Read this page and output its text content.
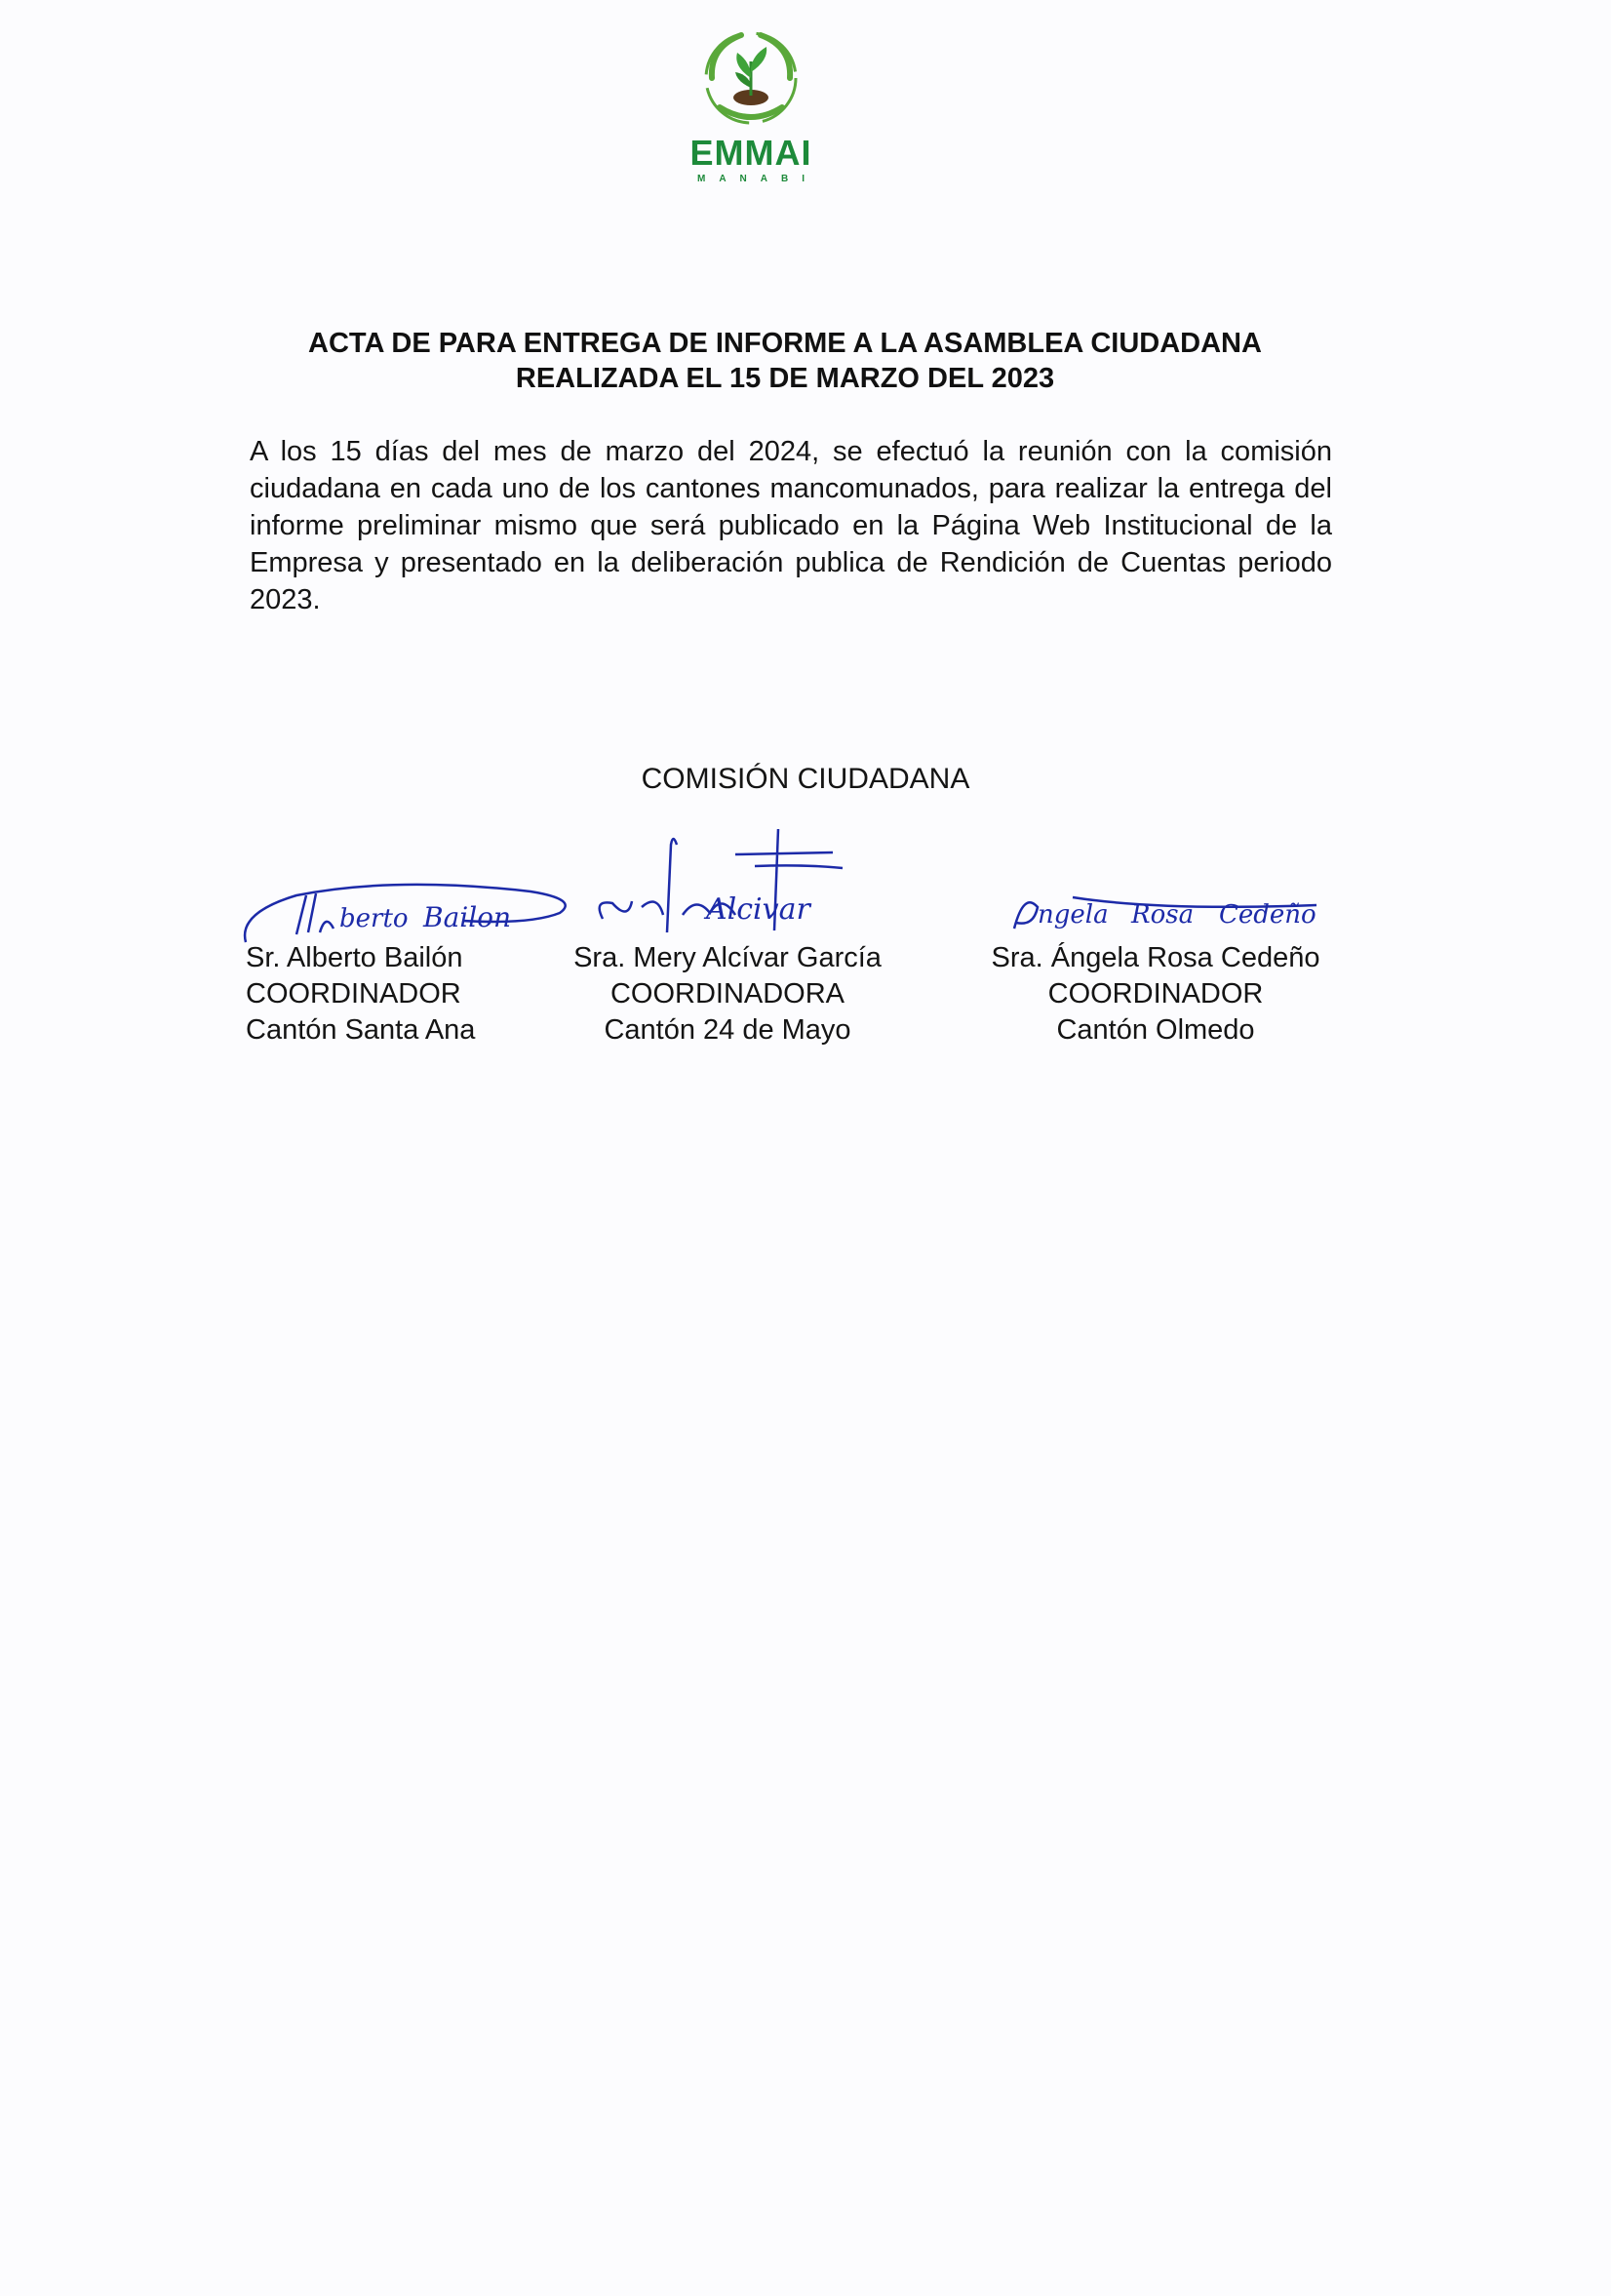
EMMAI
MANABI
ACTA DE PARA ENTREGA DE INFORME A LA ASAMBLEA CIUDADANA
REALIZADA EL 15 DE MARZO DEL 2023
A los 15 días del mes de marzo del 2024, se efectuó la reunión con la comisión ciudadana en cada uno de los cantones mancomunados, para realizar la entrega del informe preliminar mismo que será publicado en la Página Web Institucional de la Empresa y presentado en la deliberación publica de Rendición de Cuentas periodo 2023.
COMISIÓN CIUDADANA
berto Bailon	Alcivar	ngela Rosa Cedeño
Sr. Alberto Bailón
COORDINADOR
Cantón Santa Ana
Sra. Mery Alcívar García
COORDINADORA
Cantón 24 de Mayo
Sra. Ángela Rosa Cedeño
COORDINADOR
Cantón Olmedo
